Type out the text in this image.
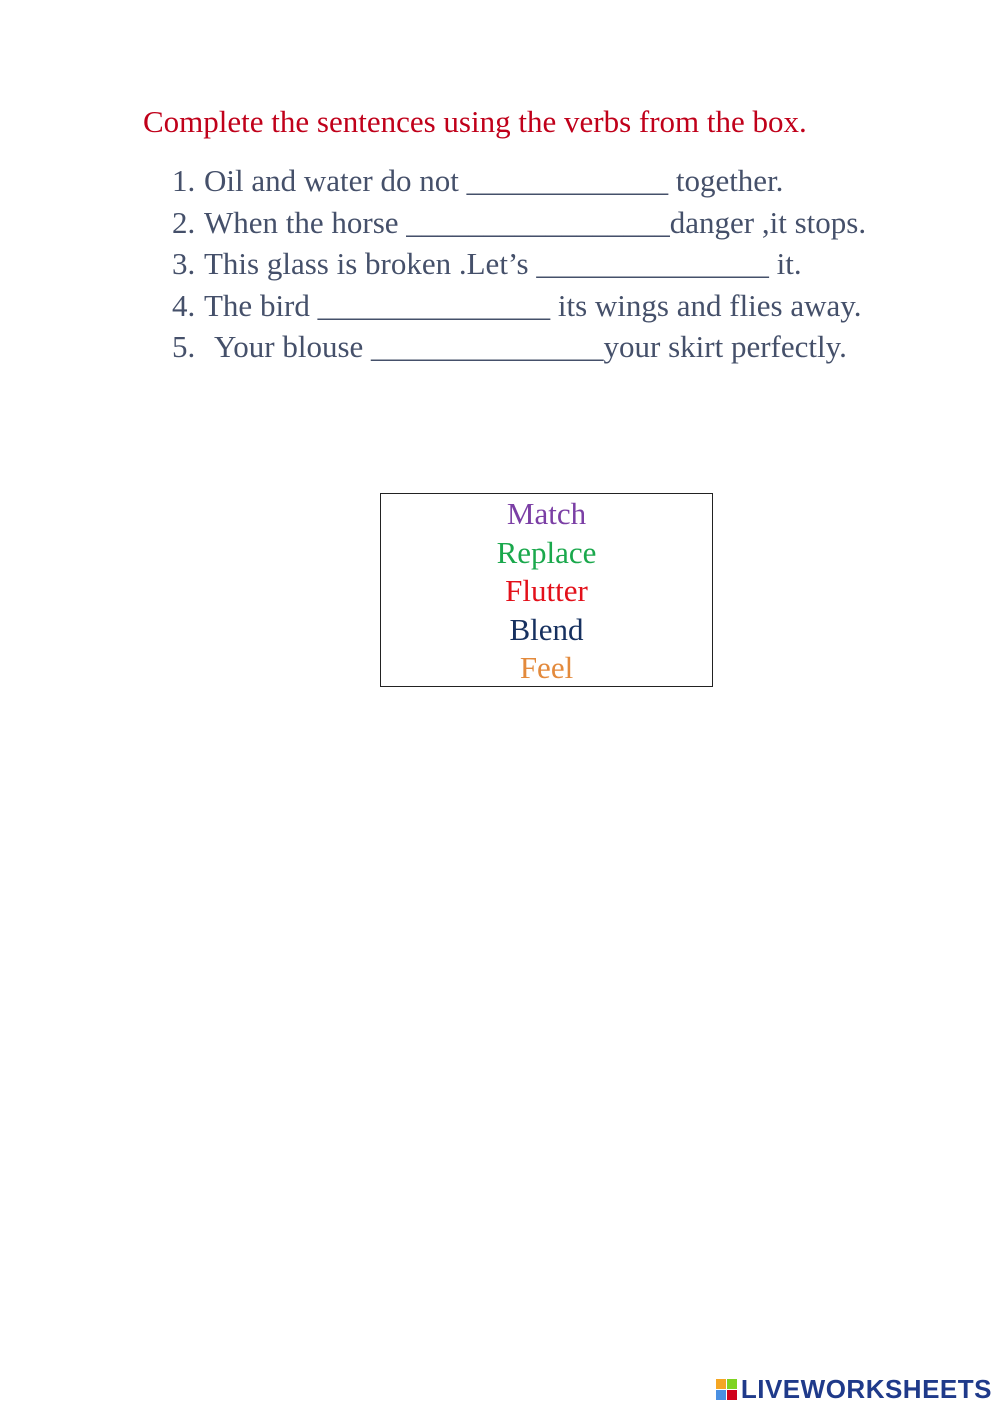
Complete the sentences using the verbs from the box.
1. Oil and water do not _____________ together.
2. When the horse _________________danger ,it stops.
3. This glass is broken .Let’s _______________ it.
4. The bird _______________ its wings and flies away.
5. Your blouse _______________your skirt perfectly.
Match
Replace
Flutter
Blend
Feel
LIVEWORKSHEETS
